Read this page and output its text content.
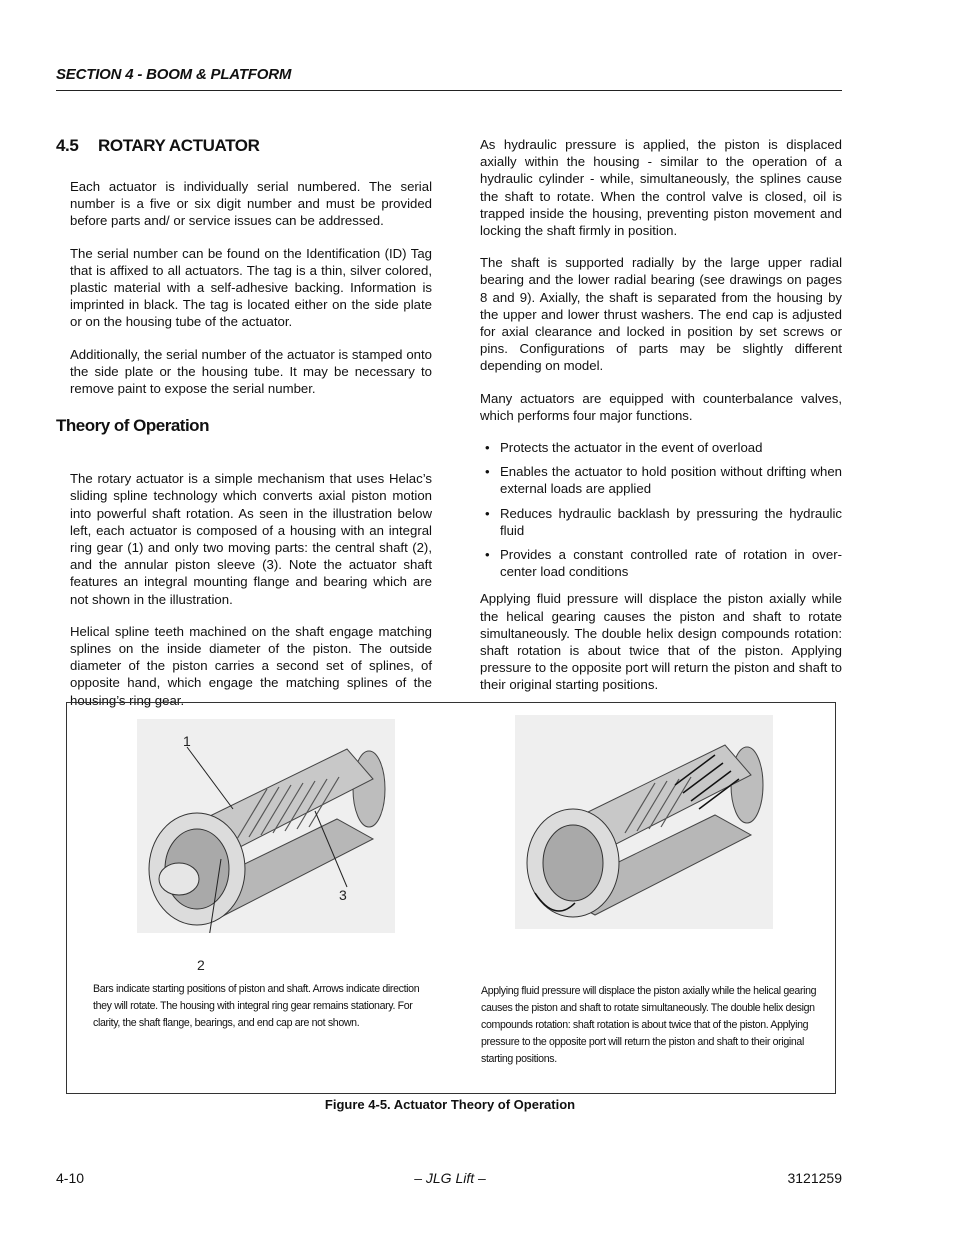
SECTION 4 - BOOM & PLATFORM
4.5 ROTARY ACTUATOR

Each actuator is individually serial numbered. The serial number is a five or six digit number and must be provided before parts and/ or service issues can be addressed.

The serial number can be found on the Identification (ID) Tag that is affixed to all actuators. The tag is a thin, silver colored, plastic material with a self-adhesive backing. Information is imprinted in black. The tag is located either on the side plate or on the housing tube of the actuator.

Additionally, the serial number of the actuator is stamped onto the side plate or the housing tube. It may be necessary to remove paint to expose the serial number.

The rotary actuator is a simple mechanism that uses Helac’s sliding spline technology which converts axial piston motion into powerful shaft rotation. As seen in the illustration below left, each actuator is composed of a housing with an integral ring gear (1) and only two moving parts: the central shaft (2), and the annular piston sleeve (3). Note the actuator shaft features an integral mounting flange and bearing which are not shown in the illustration.

Helical spline teeth machined on the shaft engage matching splines on the inside diameter of the piston. The outside diameter of the piston carries a second set of splines, of opposite hand, which engage the matching splines of the housing’s ring gear.

Theory of Operation

As hydraulic pressure is applied, the piston is displaced axially within the housing - similar to the operation of a hydraulic cylinder - while, simultaneously, the splines cause the shaft to rotate. When the control valve is closed, oil is trapped inside the housing, preventing piston movement and locking the shaft firmly in position.

The shaft is supported radially by the large upper radial bearing and the lower radial bearing (see drawings on pages 8 and 9). Axially, the shaft is separated from the housing by the upper and lower thrust washers. The end cap is adjusted for axial clearance and locked in position by set screws or pins. Configurations of parts may be slightly different depending on model.

Many actuators are equipped with counterbalance valves, which performs four major functions.

• Protects the actuator in the event of overload
• Enables the actuator to hold position without drifting when external loads are applied
• Reduces hydraulic backlash by pressuring the hydraulic fluid
• Provides a constant controlled rate of rotation in over-center load conditions

Applying fluid pressure will displace the piston axially while the helical gearing causes the piston and shaft to rotate simultaneously. The double helix design compounds rotation: shaft rotation is about twice that of the piston. Applying pressure to the opposite port will return the piston and shaft to their original starting positions.

1
2
3
Bars indicate starting positions of piston and shaft. Arrows indicate direction they will rotate. The housing with integral ring gear remains stationary. For clarity, the shaft flange, bearings, and end cap are not shown.
Applying fluid pressure will displace the piston axially while the helical gearing causes the piston and shaft to rotate simultaneously. The double helix design compounds rotation: shaft rotation is about twice that of the piston. Applying pressure to the opposite port will return the piston and shaft to their original starting positions.
Figure 4-5. Actuator Theory of Operation
4-10	– JLG Lift –	3121259
